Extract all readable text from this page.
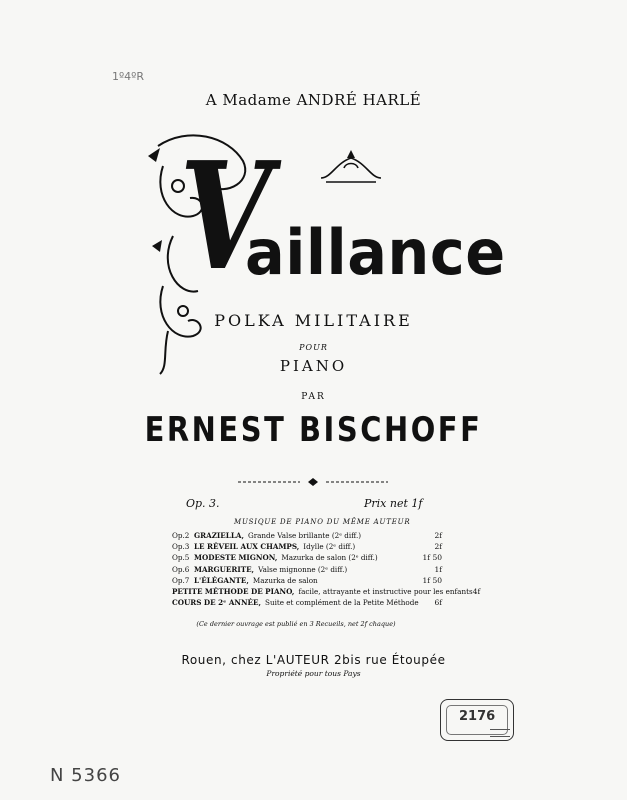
1º4ºR
A Madame ANDRÉ HARLÉ
V
aillance
POLKA MILITAIRE
POUR
PIANO
PAR
ERNEST BISCHOFF
Op. 3.	Prix net 1f
MUSIQUE DE PIANO DU MÊME AUTEUR
Op.2 GRAZIELLA, Grande Valse brillante (2ᵉ diff.)	2f
Op.3 LE RÉVEIL AUX CHAMPS, Idylle (2ᵉ diff.)	2f
Op.5 MODESTE MIGNON, Mazurka de salon (2ᵉ diff.)	1f 50
Op.6 MARGUERITE, Valse mignonne (2ᵉ diff.)	1f
Op.7 L'ÉLÉGANTE, Mazurka de salon	1f 50
PETITE MÉTHODE DE PIANO, facile, attrayante et instructive pour les enfants 4f
COURS DE 2ᵉ ANNÉE, Suite et complément de la Petite Méthode	6f
(Ce dernier ouvrage est publié en 3 Recueils, net 2f chaque)
Rouen, chez L'AUTEUR 2bis rue Étoupée
Propriété pour tous Pays
2176
N 5366
